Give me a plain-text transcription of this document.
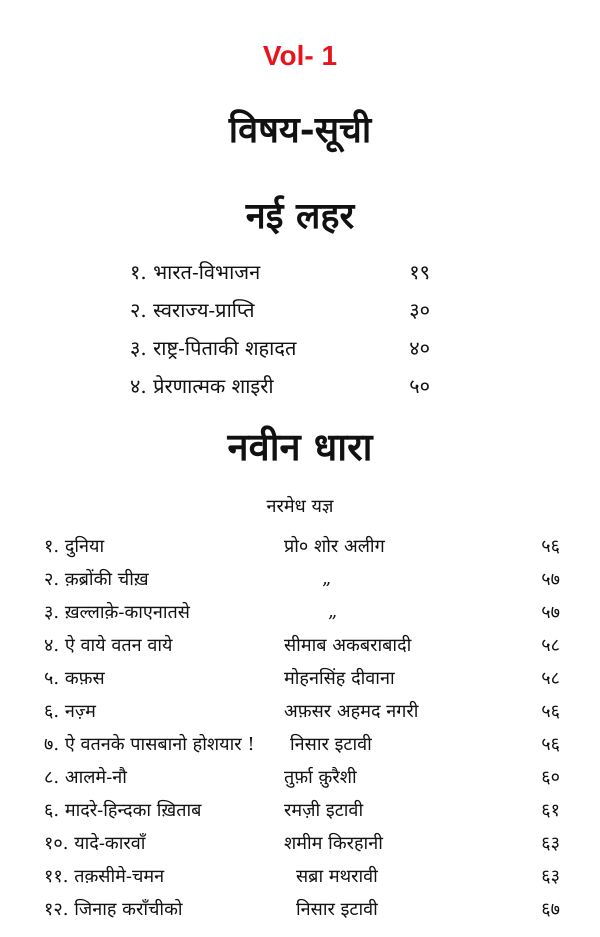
Vol- 1
विषय-सूची
नई लहर
१. भारत-विभाजन	१९
२. स्वराज्य-प्राप्ति	३०
३. राष्ट्र-पिताकी शहादत	४०
४. प्रेरणात्मक शाइरी	५०
नवीन धारा
नरमेध यज्ञ
१. दुनिया	प्रो० शोर अलीग	५६
२. क़ब्रोंकी चीख़	„	५७
३. ख़ल्लाक़े-काएनातसे	„	५७
४. ऐ वाये वतन वाये	सीमाब अकबराबादी	५८
५. कफ़स	मोहनसिंह दीवाना	५८
६. नज़्म	अफ़सर अहमद नगरी	५६
७. ऐ वतनके पासबानो होशयार !	निसार इटावी	५६
८. आलमे-नौ	तुर्फ़ा क़ुरैशी	६०
६. मादरे-हिन्दका ख़िताब	रमज़ी इटावी	६१
१०. यादे-कारवाँ	शमीम किरहानी	६३
११. तक़सीमे-चमन	सब्रा मथरावी	६३
१२. जिनाह कराँचीको	निसार इटावी	६७
